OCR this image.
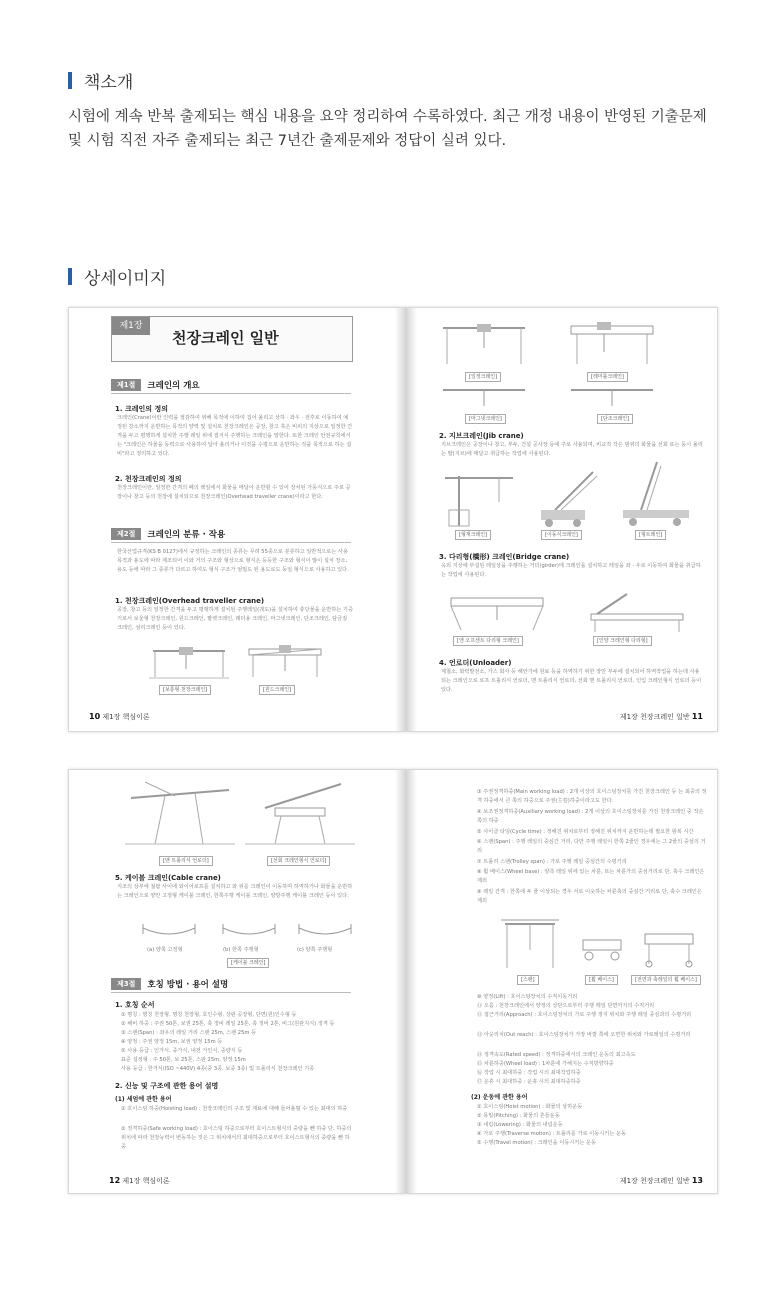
책소개
시험에 계속 반복 출제되는 핵심 내용을 요약 정리하여 수록하였다. 최근 개정 내용이 반영된 기출문제 및 시험 직전 자주 출제되는 최근 7년간 출제문제와 정답이 실려 있다.
상세이미지
제1장
천장크레인 일반
제1절	크레인의 개요
1. 크레인의 정의
크레인(Crane)이란 인력을 절감하여 위해 목적에 이하여 집어 올리고 상하 · 좌우 · 전후로 이동하여 예정된 장소까지 운반하는 목적의 양력 및 설치로 천장크레인은 공장, 창고 혹은 비피의 지상으로 일정한 간격을 두고 평행하게 설치한 주행 레일 위에 접지식 주행하는 크레인을 말한다. 또한 크레인 안전규칙에서는 "크레인은 하물을 동력으로 사용하여 달아 올리거나 이것을 수평으로 운반하는 것을 목적으로 하는 설비"라고 정의하고 있다.
2. 천장크레인의 정의
천장크레인이란, 일정한 간격의 폐의 레일에서 화물을 매달아 운반할 수 있어 장치된 가동식으로 주로 공장이나 창고 등의 천장에 설치되므로 천장크레인(Overhead traveller crane)이라고 한다.
제2절	크레인의 분류 · 작용
한국산업규격(KS B 0127)에서 규정하는 크레인의 종류는 무려 55종으로 분류하고 일반적으로는 사용 목적과 용도에 따라 제조되어 이와 거의 구조와 형상으로 형식은 등등한 구조와 형식이 많이 설치 장소, 용도 등에 따라 그 종류가 다르고 하여도 형식 구조가 엄밀도 된 용도로도 동일 형식으로 사용하고 있다.
1. 천장크레인(Overhead traveller crane)
공장, 창고 등의 일정한 간격을 두고 평행하게 설치된 주행레일(궤도)을 설치하여 충당물을 운반하는 기중기로서 보울형 천장크레인, 원드크레인, 팔렛크레인, 래더용 크레인, 마그넷크레인, 단조크레인, 담금질 크레인, 섬리크레인 등이 있다.
[보통형 천장크레인]	[원드크레인]
10 제1장 핵심이론
[일정크레인]	[레미틀크레인]
[마그넷크레인]	[단조크레인]
2. 지브크레인(Jib crane)
지브크레인은 공장이나 창고, 부두, 건설 공사장 등에 주로 사용되며, 비교적 작은 범위의 화물을 선회 또는 동시 올리는 팔(지브)에 매달고 취급하는 작업에 사용된다.
[형재크레인]	[이동식크레인]	[형트레인]
3. 다리형(橋形) 크레인(Bridge crane)
옥외 지상에 부설된 레일상을 주행하는 거더(girder)에 크레인을 설치하고 레일을 좌 · 우로 이동하여 화물을 취급하는 작업에 사용된다.
[앤 오프센트 다리형 크레인]	[인양 크레인형 다리형]
4. 언로더(Unloader)
제철소, 화력발전소, 가스 회사 등 해안가에 원료 등을 하역하기 위한 장만 부두에 설치되어 하역작업을 하는데 사용되는 크레인으로 로프 트롤리식 언로더, 맨 트롤리식 언로더, 선회 맨 트롤리식 언로더, 인입 크레인형식 언로더 등이 있다.
제1장 천장크레인 일반 11
[맨 트롤리식 언로더]	[선회 크레인형식 언로더]
5. 케이블 크레인(Cable crane)
지조의 상부에 철탑 사이에 와이어로프를 설치하고 와 위를 크레인이 이동하며 하역하거나 화물을 운반하는 크레인으로 양안 고정형 케이블 크레인, 한쪽주행 케이블 크레인, 양방주행 케이블 크레인 등이 있다.
(a) 양쪽 고정형	(b) 한쪽 주행형	(c) 양쪽 주행형
[케이블 크레인]
제3절	호칭 방법 · 용어 설명
1. 호칭 순서
① 명칭 : 명칭 천장형, 명칭 천장형, 호인수형, 상판 공장형, 단면(원)인수형 등
② 해비 하중 : 주권 50톤, 보권 25톤, 축 정비 레일 25톤, 축 정비 2톤, 비그(원관지식) 정격 등
③ 스팬(Span) : 좌우의 레일 거리 스팬 25m, 스팬 25m 등
④ 양정 : 주권 양정 15m, 보권 양정 15m 등
⑤ 사용 등급 : 인가식, 중가식, 내전 가인식, 중량식 등
표준 설정형 : 주 50톤, 보 25톤, 스판 25m, 양정 15m
사용 등급 : 한거식(ISO ~440V) 4종(중 3종, 보중 3종) 및 트롤리식 천장크레인 기종
2. 신능 및 구조에 관한 용어 설명
(1) 세엄에 관한 용어
① 호이스팅 하중(Hoisting load) : 천장크레인의 구조 및 재료에 대해 들어올릴 수 있는 최대의 하중
② 정격하중(Safe working load) : 호이스팅 하중으로부터 호이스트형식의 중량을 뺀 하중 단, 하중의 위치에 따라 천장능력이 변동하는 것은 그 위치에서의 최대하중으로부터 호이스트형식의 중량을 뺀 하중
12 제1장 핵심이론
③ 주권정격하중(Main working load) : 2개 이상의 호이스팅장치를 가진 천장크레인 등 는 최중의 정격 하중에서 큰 쪽의 하중으로 주권(主卷)하중이라고도 한다.
④ 보조권정격하중(Auxiliary working load) : 2개 이상의 호이스팅장치를 가진 천장크레인 중 작은 쪽의 하중
⑤ 사이클 타임(Cycle time) : 정해진 위치로부터 정해진 위치까지 운반하는데 필요한 왕복 시간
⑥ 스팬(Span) : 주행 레일의 중심간 거리, 다만 주행 레일이 한쪽 2줄인 경우에는 그 2줄의 중심의 거리
⑦ 트롤리 스팬(Trolley span) : 가로 주행 레일 중심간의 수평거리
⑧ 휠 베이스(Wheel base) : 양측 레일 위에 있는 차륜, 또는 차륜가의 중심거리로 단, 축수 크레인은 제외
⑨ 레일 간격 : 한쪽에 두 줄 이상되는 경우 서로 이웃하는 차륜축의 중심간 거리로 단, 축수 크레인은 제외
[스팬]	[휠 베이스]	[전면과 축레일의 휠 베이스]
⑩ 양정(Lift) : 호이스팅장치의 수직이동거리
⑪ 오름 : 천장크레인에서 양정의 상단으로부터 주행 레일 단면까지의 수직거리
⑫ 접근거리(Approach) : 호이스팅장치의 가로 주행 정지 위치와 주행 레일 중심과의 수평거리
⑬ 아웃리치(Out reach) : 호이스팅장치가 가장 바깥 쪽에 오면한 위치와 가로레일의 수평거리
⑭ 정격속도(Rated speed) : 정격하중에서의 크레인 운동의 최고속도
⑮ 차륜하중(Wheel load) : 1차륜에 가해지는 수직방향하중
⑯ 작업 시 최대하중 : 작업 시의 최대작업하중
⑰ 운휴 시 최대하중 : 운휴 시의 최대하중하중
(2) 운동에 관한 용어
① 호이스팅(Hoist motion) : 화물의 상하운동
② 몽밀(Pitching) : 화물의 흔들운동
③ 내림(Lowering) : 화물의 내림운동
④ 가로 주행(Traverse motion) : 트롤리를 가로 이동시키는 운동
⑤ 수행(Travel motion) : 크레인을 이동시키는 운동
제1장 천장크레인 일반 13
